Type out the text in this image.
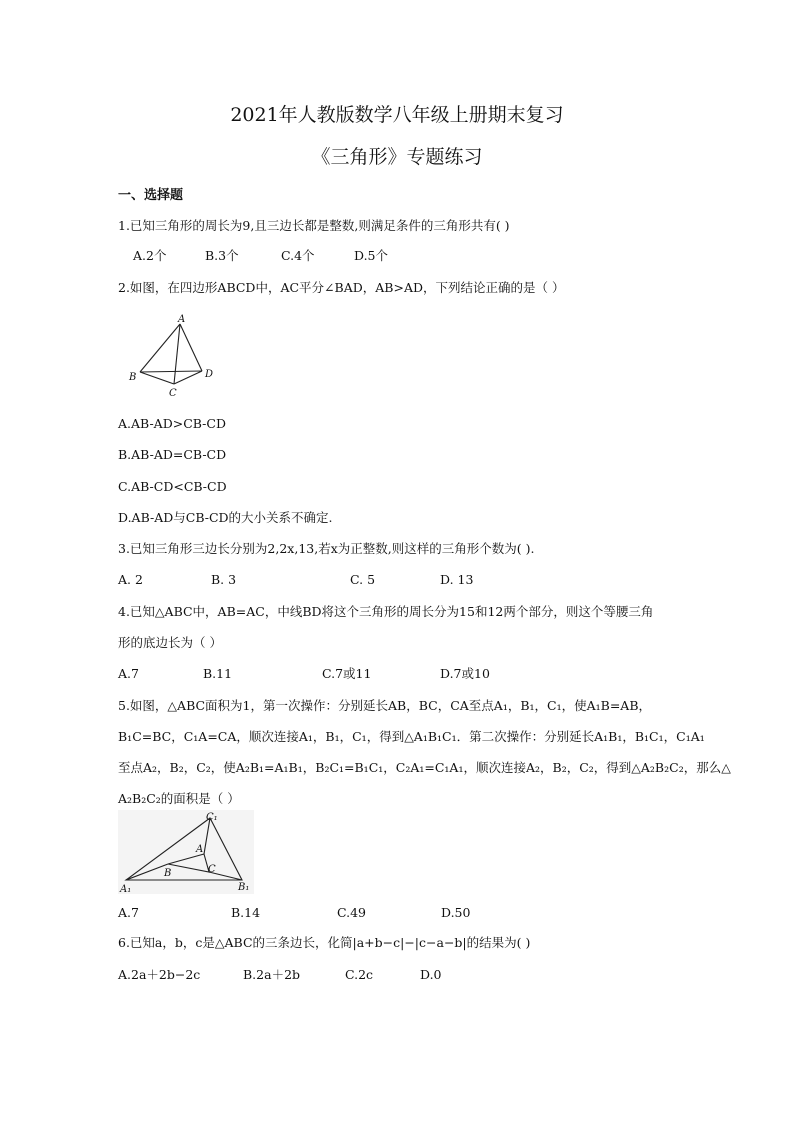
2021年人教版数学八年级上册期末复习
《三角形》专题练习
一、选择题
1.已知三角形的周长为9,且三边长都是整数,则满足条件的三角形共有( )
A.2个	B.3个	C.4个	D.5个
2.如图，在四边形ABCD中，AC平分∠BAD，AB>AD，下列结论正确的是（ ）
A
B
C
D
A.AB-AD>CB-CD
B.AB-AD=CB-CD
C.AB-CD<CB-CD
D.AB-AD与CB-CD的大小关系不确定.
3.已知三角形三边长分别为2,2x,13,若x为正整数,则这样的三角形个数为( ).
A. 2	B. 3	C. 5	D. 13
4.已知△ABC中，AB=AC，中线BD将这个三角形的周长分为15和12两个部分，则这个等腰三角
形的底边长为（ ）
A.7	B.11	C.7或11	D.7或10
5.如图，△ABC面积为1，第一次操作：分别延长AB，BC，CA至点A₁，B₁，C₁，使A₁B=AB，
B₁C=BC，C₁A=CA，顺次连接A₁，B₁，C₁，得到△A₁B₁C₁．第二次操作：分别延长A₁B₁，B₁C₁，C₁A₁
至点A₂，B₂，C₂，使A₂B₁=A₁B₁，B₂C₁=B₁C₁，C₂A₁=C₁A₁，顺次连接A₂，B₂，C₂，得到△A₂B₂C₂，那么△
A₂B₂C₂的面积是（ ）
C₁
A
B	C
A₁	B₁
A.7	B.14	C.49	D.50
6.已知a，b，c是△ABC的三条边长，化简|a+b−c|−|c−a−b|的结果为( )
A.2a＋2b−2c	B.2a＋2b	C.2c	D.0
